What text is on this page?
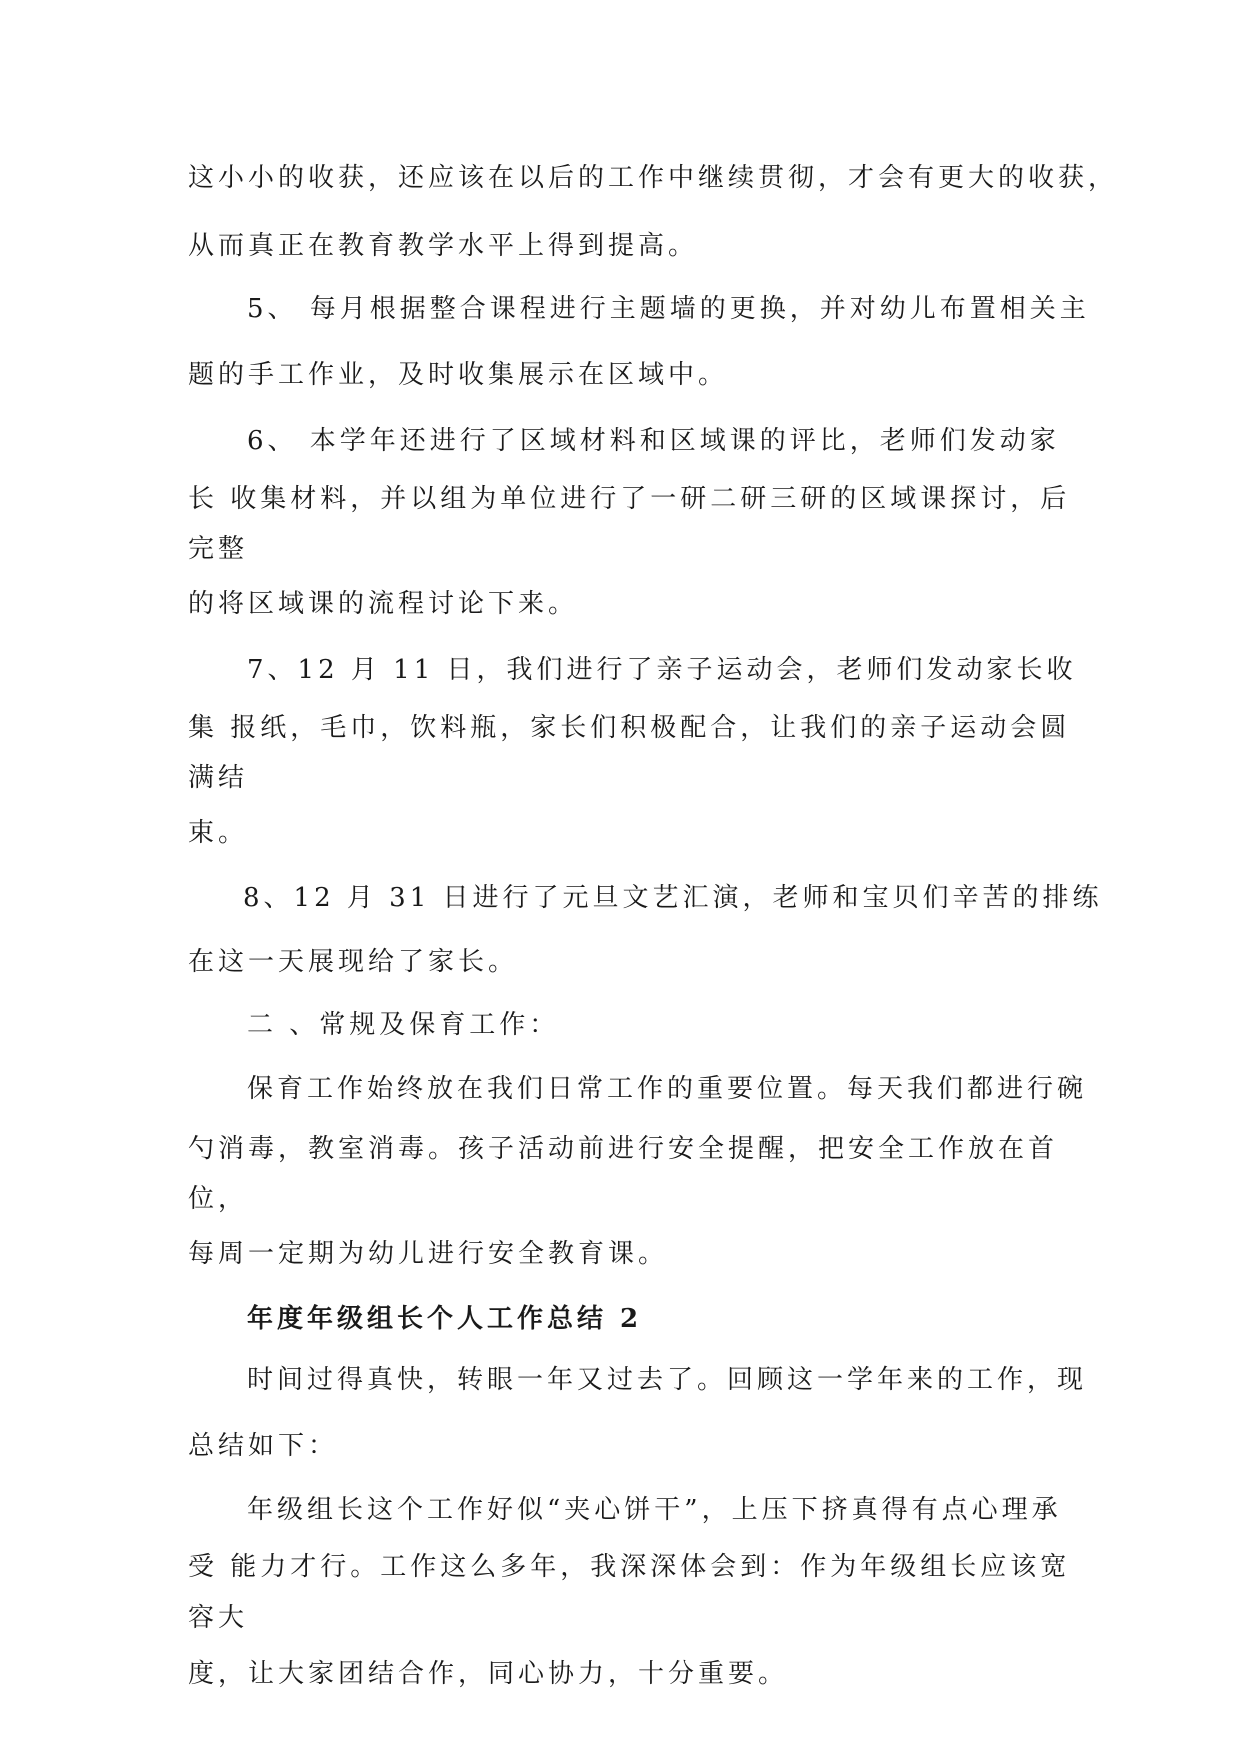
这小小的收获，还应该在以后的工作中继续贯彻，才会有更大的收获，
从而真正在教育教学水平上得到提高。
5、 每月根据整合课程进行主题墙的更换，并对幼儿布置相关主
题的手工作业，及时收集展示在区域中。
6、 本学年还进行了区域材料和区域课的评比，老师们发动家
长 收集材料，并以组为单位进行了一研二研三研的区域课探讨，后
完整
的将区域课的流程讨论下来。
7、12 月 11 日，我们进行了亲子运动会，老师们发动家长收
集 报纸，毛巾，饮料瓶，家长们积极配合，让我们的亲子运动会圆
满结
束。
8、12 月 31 日进行了元旦文艺汇演，老师和宝贝们辛苦的排练
在这一天展现给了家长。
二 、常规及保育工作：
保育工作始终放在我们日常工作的重要位置。每天我们都进行碗
勺消毒，教室消毒。孩子活动前进行安全提醒，把安全工作放在首
位，
每周一定期为幼儿进行安全教育课。
年度年级组长个人工作总结 2
时间过得真快，转眼一年又过去了。回顾这一学年来的工作，现
总结如下：
年级组长这个工作好似“夹心饼干”，上压下挤真得有点心理承
受 能力才行。工作这么多年，我深深体会到：作为年级组长应该宽
容大
度，让大家团结合作，同心协力，十分重要。
